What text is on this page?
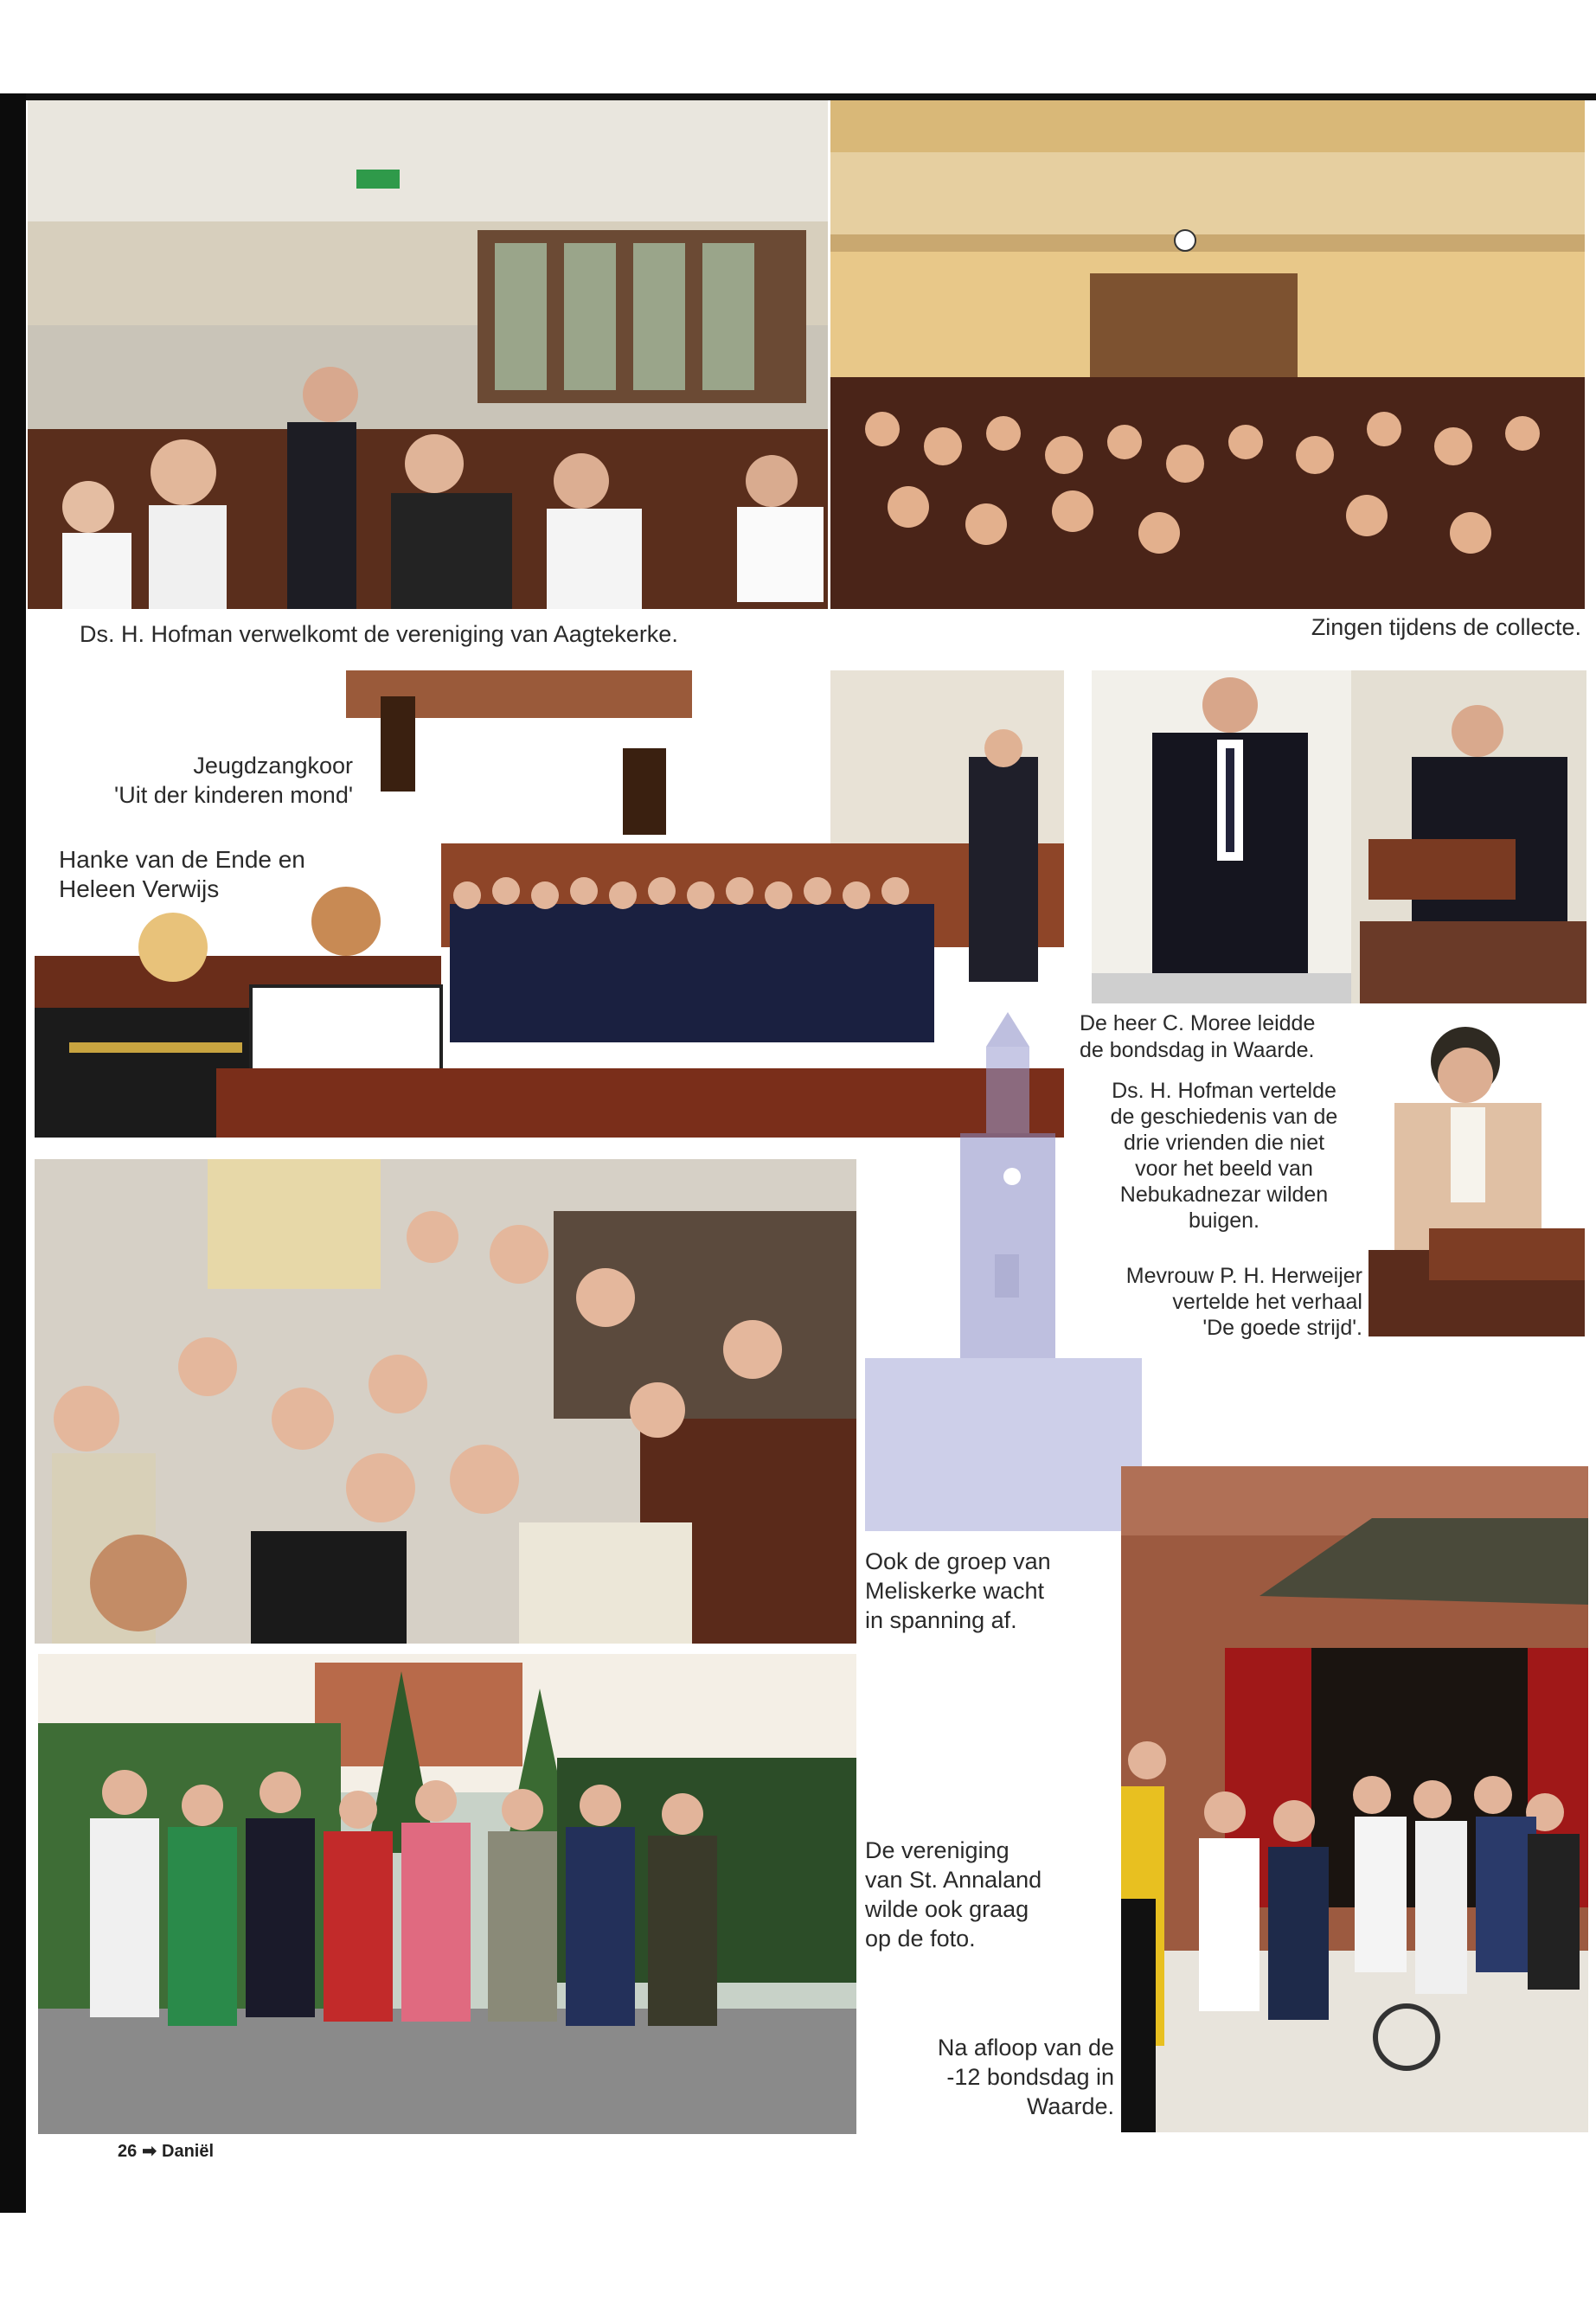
Ds. H. Hofman verwelkomt de vereniging van Aagtekerke.	Zingen tijdens de collecte.
Jeugdzangkoor
'Uit der kinderen mond'
Hanke van de Ende en
Heleen Verwijs
De heer C. Moree leidde
de bondsdag in Waarde.
Ds. H. Hofman vertelde
de geschiedenis van de
drie vrienden die niet
voor het beeld van
Nebukadnezar wilden
buigen.
Mevrouw P. H. Herweijer
vertelde het verhaal
'De goede strijd'.
Ook de groep van
Meliskerke wacht
in spanning af.
De vereniging
van St. Annaland
wilde ook graag
op de foto.
Na afloop van de
-12 bondsdag in
Waarde.
26 ➡ Daniël
